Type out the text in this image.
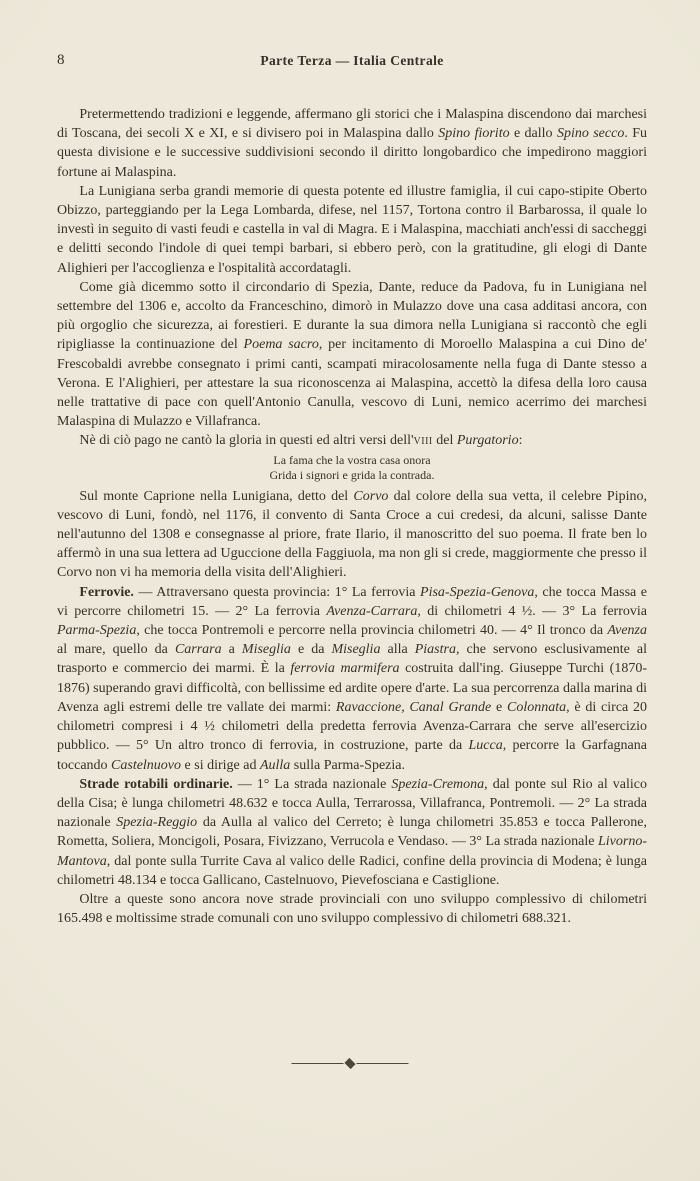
8	Parte Terza — Italia Centrale

Pretermettendo tradizioni e leggende, affermano gli storici che i Malaspina discendono dai marchesi di Toscana, dei secoli X e XI, e si divisero poi in Malaspina dallo Spino fiorito e dallo Spino secco. Fu questa divisione e le successive suddivisioni secondo il diritto longobardico che impedirono maggiori fortune ai Malaspina.

La Lunigiana serba grandi memorie di questa potente ed illustre famiglia, il cui capo-stipite Oberto Obizzo, parteggiando per la Lega Lombarda, difese, nel 1157, Tortona contro il Barbarossa, il quale lo investì in seguito di vasti feudi e castella in val di Magra. E i Malaspina, macchiati anch'essi di saccheggi e delitti secondo l'indole di quei tempi barbari, si ebbero però, con la gratitudine, gli elogi di Dante Alighieri per l'accoglienza e l'ospitalità accordatagli.

Come già dicemmo sotto il circondario di Spezia, Dante, reduce da Padova, fu in Lunigiana nel settembre del 1306 e, accolto da Franceschino, dimorò in Mulazzo dove una casa additasi ancora, con più orgoglio che sicurezza, ai forestieri. E durante la sua dimora nella Lunigiana si raccontò che egli ripigliasse la continuazione del Poema sacro, per incitamento di Moroello Malaspina a cui Dino de' Frescobaldi avrebbe consegnato i primi canti, scampati miracolosamente nella fuga di Dante stesso a Verona. E l'Alighieri, per attestare la sua riconoscenza ai Malaspina, accettò la difesa della loro causa nelle trattative di pace con quell'Antonio Canulla, vescovo di Luni, nemico acerrimo dei marchesi Malaspina di Mulazzo e Villafranca.

Nè di ciò pago ne cantò la gloria in questi ed altri versi dell'viii del Purgatorio:

La fama che la vostra casa onora
Grida i signori e grida la contrada.

Sul monte Caprione nella Lunigiana, detto del Corvo dal colore della sua vetta, il celebre Pipino, vescovo di Luni, fondò, nel 1176, il convento di Santa Croce a cui credesi, da alcuni, salisse Dante nell'autunno del 1308 e consegnasse al priore, frate Ilario, il manoscritto del suo poema. Il frate ben lo affermò in una sua lettera ad Uguccione della Faggiuola, ma non gli si crede, maggiormente che presso il Corvo non vi ha memoria della visita dell'Alighieri.

Ferrovie. — Attraversano questa provincia: 1° La ferrovia Pisa-Spezia-Genova, che tocca Massa e vi percorre chilometri 15. — 2° La ferrovia Avenza-Carrara, di chilometri 4 ½. — 3° La ferrovia Parma-Spezia, che tocca Pontremoli e percorre nella provincia chilometri 40. — 4° Il tronco da Avenza al mare, quello da Carrara a Miseglia e da Miseglia alla Piastra, che servono esclusivamente al trasporto e commercio dei marmi. È la ferrovia marmifera costruita dall'ing. Giuseppe Turchi (1870-1876) superando gravi difficoltà, con bellissime ed ardite opere d'arte. La sua percorrenza dalla marina di Avenza agli estremi delle tre vallate dei marmi: Ravaccione, Canal Grande e Colonnata, è di circa 20 chilometri compresi i 4 ½ chilometri della predetta ferrovia Avenza-Carrara che serve all'esercizio pubblico. — 5° Un altro tronco di ferrovia, in costruzione, parte da Lucca, percorre la Garfagnana toccando Castelnuovo e si dirige ad Aulla sulla Parma-Spezia.

Strade rotabili ordinarie. — 1° La strada nazionale Spezia-Cremona, dal ponte sul Rio al valico della Cisa; è lunga chilometri 48.632 e tocca Aulla, Terrarossa, Villafranca, Pontremoli. — 2° La strada nazionale Spezia-Reggio da Aulla al valico del Cerreto; è lunga chilometri 35.853 e tocca Pallerone, Rometta, Soliera, Moncigoli, Posara, Fivizzano, Verrucola e Vendaso. — 3° La strada nazionale Livorno-Mantova, dal ponte sulla Turrite Cava al valico delle Radici, confine della provincia di Modena; è lunga chilometri 48.134 e tocca Gallicano, Castelnuovo, Pievefosciana e Castiglione.

Oltre a queste sono ancora nove strade provinciali con uno sviluppo complessivo di chilometri 165.498 e moltissime strade comunali con uno sviluppo complessivo di chilometri 688.321.
